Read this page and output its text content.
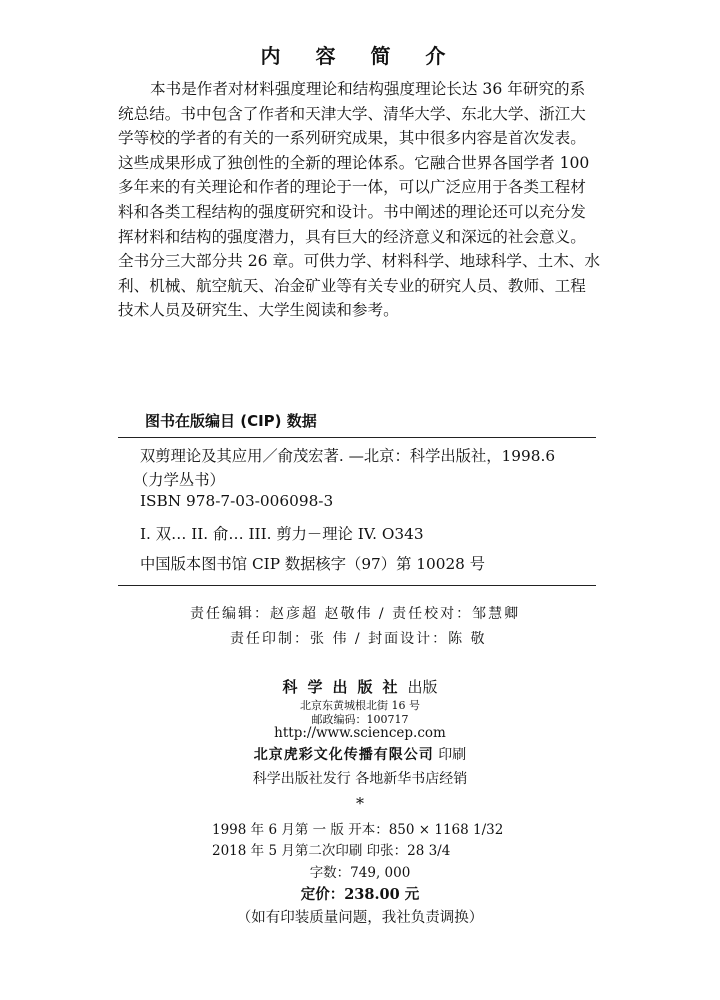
内 容 简 介
本书是作者对材料强度理论和结构强度理论长达 36 年研究的系
统总结。书中包含了作者和天津大学、清华大学、东北大学、浙江大
学等校的学者的有关的一系列研究成果，其中很多内容是首次发表。
这些成果形成了独创性的全新的理论体系。它融合世界各国学者 100
多年来的有关理论和作者的理论于一体，可以广泛应用于各类工程材
料和各类工程结构的强度研究和设计。书中阐述的理论还可以充分发
挥材料和结构的强度潜力，具有巨大的经济意义和深远的社会意义。
全书分三大部分共 26 章。可供力学、材料科学、地球科学、土木、水
利、机械、航空航天、冶金矿业等有关专业的研究人员、教师、工程
技术人员及研究生、大学生阅读和参考。
图书在版编目 (CIP) 数据
双剪理论及其应用／俞茂宏著. —北京：科学出版社，1998.6
（力学丛书）
ISBN 978-7-03-006098-3
I. 双… II. 俞… III. 剪力－理论 IV. O343
中国版本图书馆 CIP 数据核字（97）第 10028 号
责任编辑：赵彦超 赵敬伟 / 责任校对：邹慧卿
责任印制：张 伟 / 封面设计：陈 敬
科学出版社出版
北京东黄城根北街 16 号
邮政编码：100717
http://www.sciencep.com
北京虎彩文化传播有限公司 印刷
科学出版社发行 各地新华书店经销
*
1998 年 6 月第 一 版 开本：850 × 1168 1/32
2018 年 5 月第二次印刷 印张：28 3/4
字数：749, 000
定价：238.00 元
（如有印装质量问题，我社负责调换）
